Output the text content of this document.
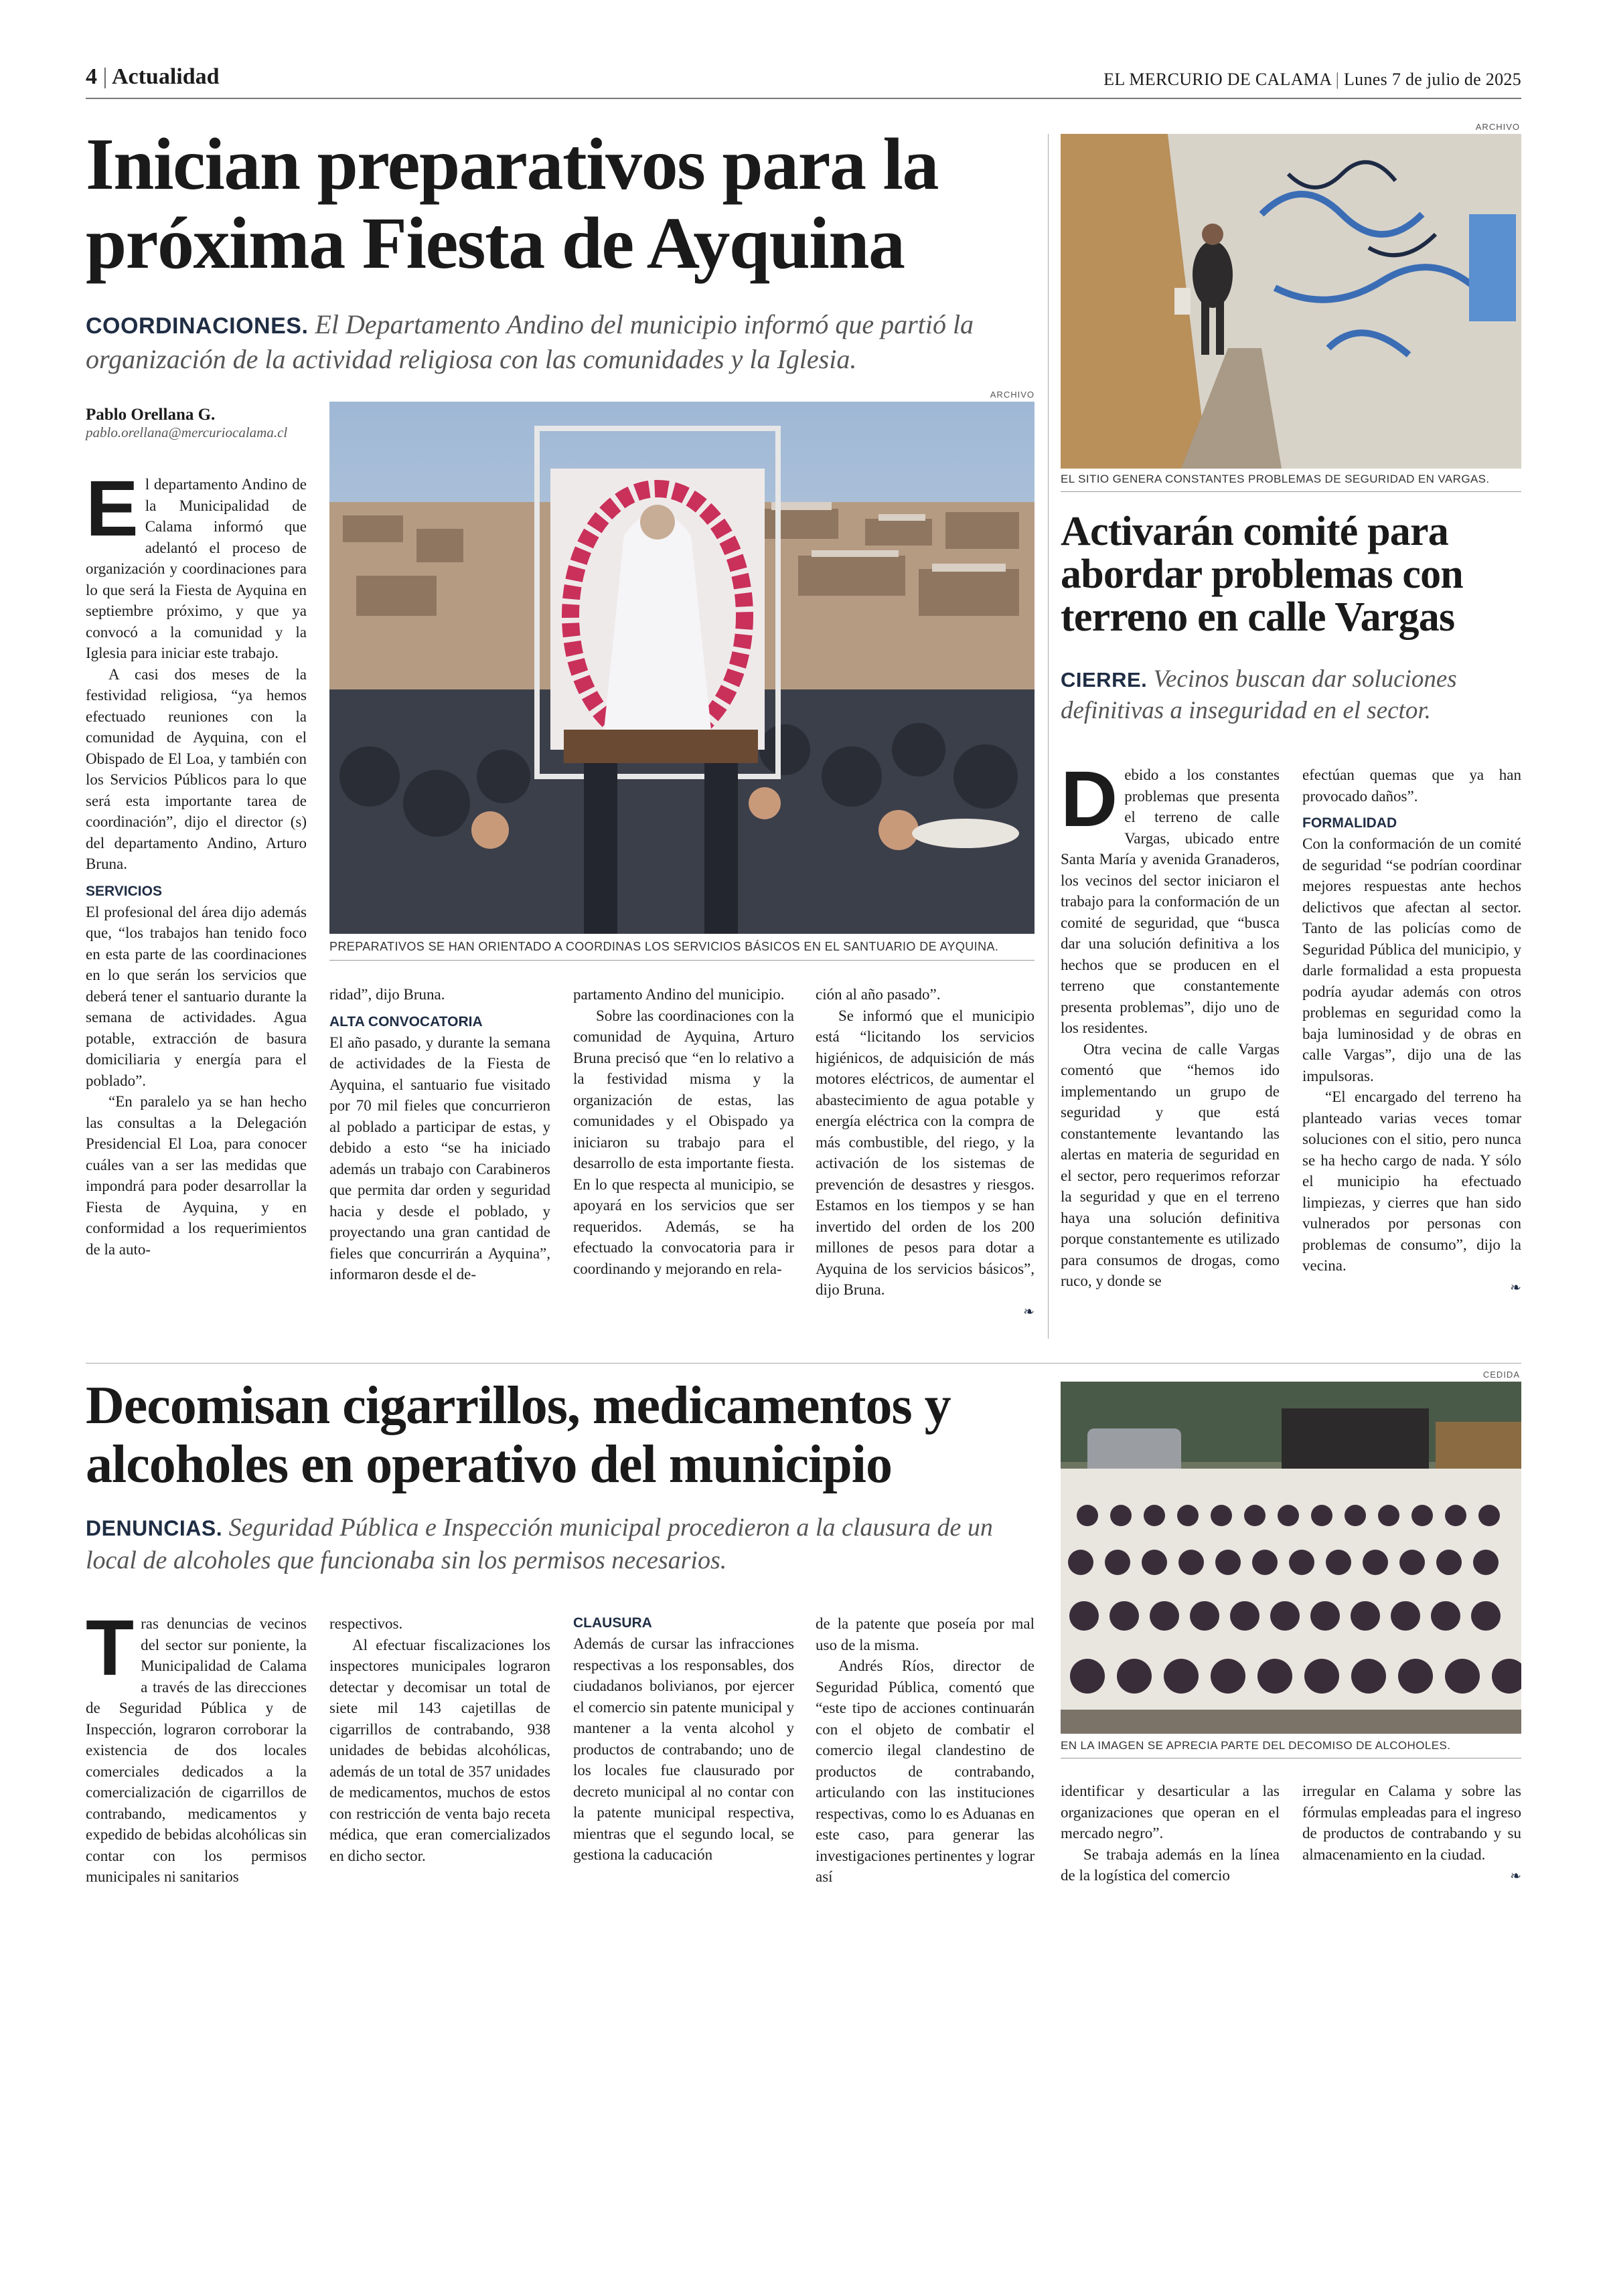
4 | Actualidad	EL MERCURIO DE CALAMA | Lunes 7 de julio de 2025
Inician preparativos para la
próxima Fiesta de Ayquina
COORDINACIONES. El Departamento Andino del municipio informó que partió la organización de la actividad religiosa con las comunidades y la Iglesia.
Pablo Orellana G.
pablo.orellana@mercuriocalama.cl
ARCHIVO
PREPARATIVOS SE HAN ORIENTADO A COORDINAS LOS SERVICIOS BÁSICOS EN EL SANTUARIO DE AYQUINA.
E l departamento Andino de la Municipalidad de Calama informó que adelantó el proceso de organización y coordinaciones para lo que será la Fiesta de Ayquina en septiembre próximo, y que ya convocó a la comunidad y la Iglesia para iniciar este trabajo.

A casi dos meses de la festividad religiosa, “ya hemos efectuado reuniones con la comunidad de Ayquina, con el Obispado de El Loa, y también con los Servicios Públicos para lo que será esta importante tarea de coordinación”, dijo el director (s) del departamento Andino, Arturo Bruna.

SERVICIOS

El profesional del área dijo además que, “los trabajos han tenido foco en esta parte de las coordinaciones en lo que serán los servicios que deberá tener el santuario durante la semana de actividades. Agua potable, extracción de basura domiciliaria y energía para el poblado”.

“En paralelo ya se han hecho las consultas a la Delegación Presidencial El Loa, para conocer cuáles van a ser las medidas que impondrá para poder desarrollar la Fiesta de Ayquina, y en conformidad a los requerimientos de la auto-

ridad”, dijo Bruna.

ALTA CONVOCATORIA

El año pasado, y durante la semana de actividades de la Fiesta de Ayquina, el santuario fue visitado por 70 mil fieles que concurrieron al poblado a participar de estas, y debido a esto “se ha iniciado además un trabajo con Carabineros que permita dar orden y seguridad hacia y desde el poblado, y proyectando una gran cantidad de fieles que concurrirán a Ayquina”, informaron desde el de-

partamento Andino del municipio.

Sobre las coordinaciones con la comunidad de Ayquina, Arturo Bruna precisó que “en lo relativo a la festividad misma y la organización de estas, las comunidades y el Obispado ya iniciaron su trabajo para el desarrollo de esta importante fiesta. En lo que respecta al municipio, se apoyará en los servicios que ser requeridos. Además, se ha efectuado la convocatoria para ir coordinando y mejorando en rela-

ción al año pasado”.

Se informó que el municipio está “licitando los servicios higiénicos, de adquisición de más motores eléctricos, de aumentar el abastecimiento de agua potable y energía eléctrica con la compra de más combustible, del riego, y la activación de los sistemas de prevención de desastres y riesgos. Estamos en los tiempos y se han invertido del orden de los 200 millones de pesos para dotar a Ayquina de los servicios básicos”, dijo Bruna.

❧
ARCHIVO
EL SITIO GENERA CONSTANTES PROBLEMAS DE SEGURIDAD EN VARGAS.
Activarán comité para
abordar problemas con
terreno en calle Vargas
CIERRE. Vecinos buscan dar soluciones definitivas a inseguridad en el sector.
D ebido a los constantes problemas que presenta el terreno de calle Vargas, ubicado entre Santa María y avenida Granaderos, los vecinos del sector iniciaron el trabajo para la conformación de un comité de seguridad, que “busca dar una solución definitiva a los hechos que se producen en el terreno que constantemente presenta problemas”, dijo uno de los residentes.

Otra vecina de calle Vargas comentó que “hemos ido implementando un grupo de seguridad y que está constantemente levantando las alertas en materia de seguridad en el sector, pero requerimos reforzar la seguridad y que en el terreno haya una solución definitiva porque constantemente es utilizado para consumos de drogas, como ruco, y donde se

efectúan quemas que ya han provocado daños”.

FORMALIDAD

Con la conformación de un comité de seguridad “se podrían coordinar mejores respuestas ante hechos delictivos que afectan al sector. Tanto de las policías como de Seguridad Pública del municipio, y darle formalidad a esta propuesta podría ayudar además con otros problemas en seguridad como la baja luminosidad y de obras en calle Vargas”, dijo una de las impulsoras.

“El encargado del terreno ha planteado varias veces tomar soluciones con el sitio, pero nunca se ha hecho cargo de nada. Y sólo el municipio ha efectuado limpiezas, y cierres que han sido vulnerados por personas con problemas de consumo”, dijo la vecina.

❧
Decomisan cigarrillos, medicamentos y
alcoholes en operativo del municipio
DENUNCIAS. Seguridad Pública e Inspección municipal procedieron a la clausura de un local de alcoholes que funcionaba sin los permisos necesarios.
T ras denuncias de vecinos del sector sur poniente, la Municipalidad de Calama a través de las direcciones de Seguridad Pública y de Inspección, lograron corroborar la existencia de dos locales comerciales dedicados a la comercialización de cigarrillos de contrabando, medicamentos y expedido de bebidas alcohólicas sin contar con los permisos municipales ni sanitarios

respectivos.

Al efectuar fiscalizaciones los inspectores municipales lograron detectar y decomisar un total de siete mil 143 cajetillas de cigarrillos de contrabando, 938 unidades de bebidas alcohólicas, además de un total de 357 unidades de medicamentos, muchos de estos con restricción de venta bajo receta médica, que eran comercializados en dicho sector.

CLAUSURA

Además de cursar las infracciones respectivas a los responsables, dos ciudadanos bolivianos, por ejercer el comercio sin patente municipal y mantener a la venta alcohol y productos de contrabando; uno de los locales fue clausurado por decreto municipal al no contar con la patente municipal respectiva, mientras que el segundo local, se gestiona la caducación

de la patente que poseía por mal uso de la misma.

Andrés Ríos, director de Seguridad Pública, comentó que “este tipo de acciones continuarán con el objeto de combatir el comercio ilegal clandestino de productos de contrabando, articulando con las instituciones respectivas, como lo es Aduanas en este caso, para generar las investigaciones pertinentes y lograr así

CEDIDA
EN LA IMAGEN SE APRECIA PARTE DEL DECOMISO DE ALCOHOLES.

identificar y desarticular a las organizaciones que operan en el mercado negro”.

Se trabaja además en la línea de la logística del comercio

irregular en Calama y sobre las fórmulas empleadas para el ingreso de productos de contrabando y su almacenamiento en la ciudad.

❧
